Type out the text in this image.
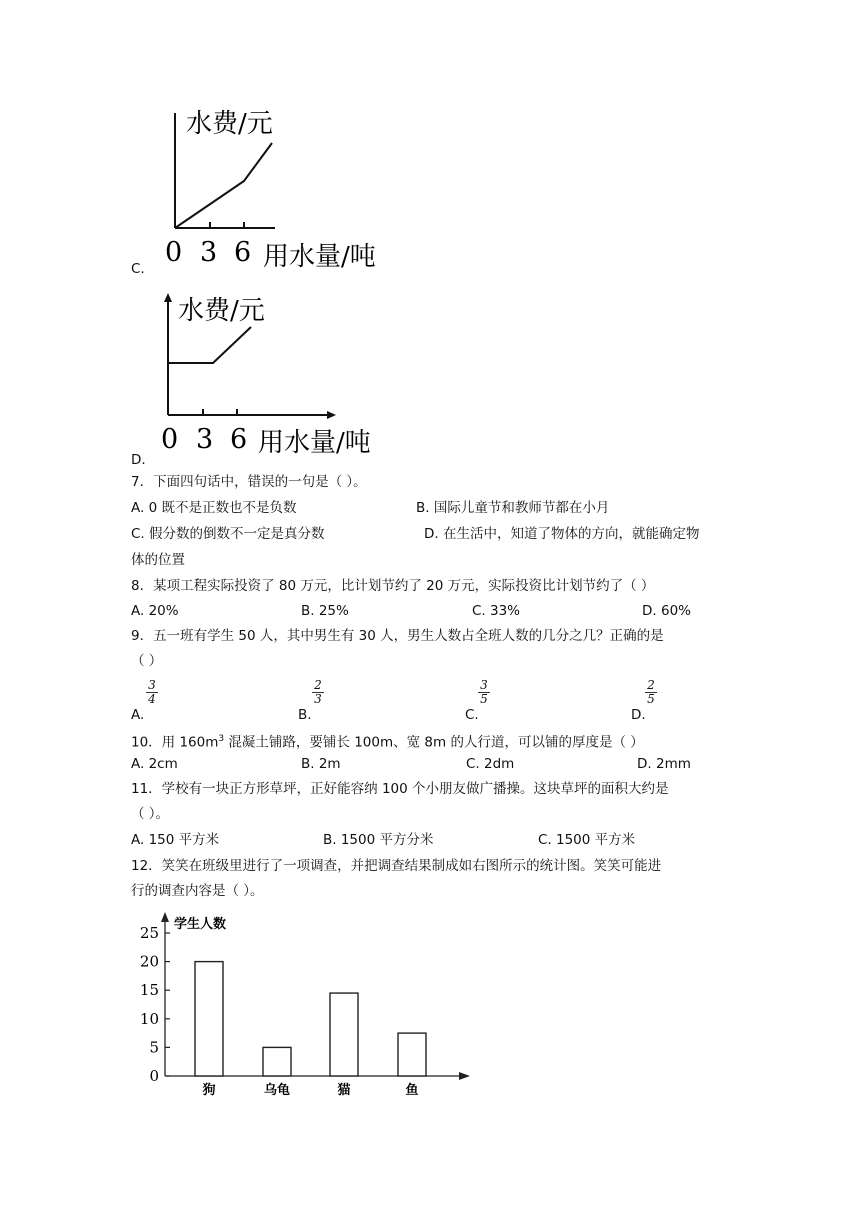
C.
水费/元
0 3 6 用水量/吨
D.
水费/元
0 3 6 用水量/吨
7．下面四句话中，错误的一句是（ ）。
A. 0 既不是正数也不是负数	B. 国际儿童节和教师节都在小月
C. 假分数的倒数不一定是真分数	D. 在生活中，知道了物体的方向，就能确定物
体的位置
8．某项工程实际投资了 80 万元，比计划节约了 20 万元，实际投资比计划节约了（ ）
A. 20%	B. 25%	C. 33%	D. 60%
9．五一班有学生 50 人，其中男生有 30 人，男生人数占全班人数的几分之几？正确的是
（ ）
A.
3
4
B.
2
3
C.
3
5
D.
2
5
10．用 $160m^3$ 混凝土铺路，要铺长 100m、宽 8m 的人行道，可以铺的厚度是（ ）
A. 2cm	B. 2m	C. 2dm	D. 2mm
11．学校有一块正方形草坪，正好能容纳 100 个小朋友做广播操。这块草坪的面积大约是
（ ）。
A. 150 平方米	B. 1500 平方分米	C. 1500 平方米
12．笑笑在班级里进行了一项调查，并把调查结果制成如右图所示的统计图。笑笑可能进
行的调查内容是（ ）。
学生人数
0
5
10
15
20
25
狗	乌龟	猫	鱼
